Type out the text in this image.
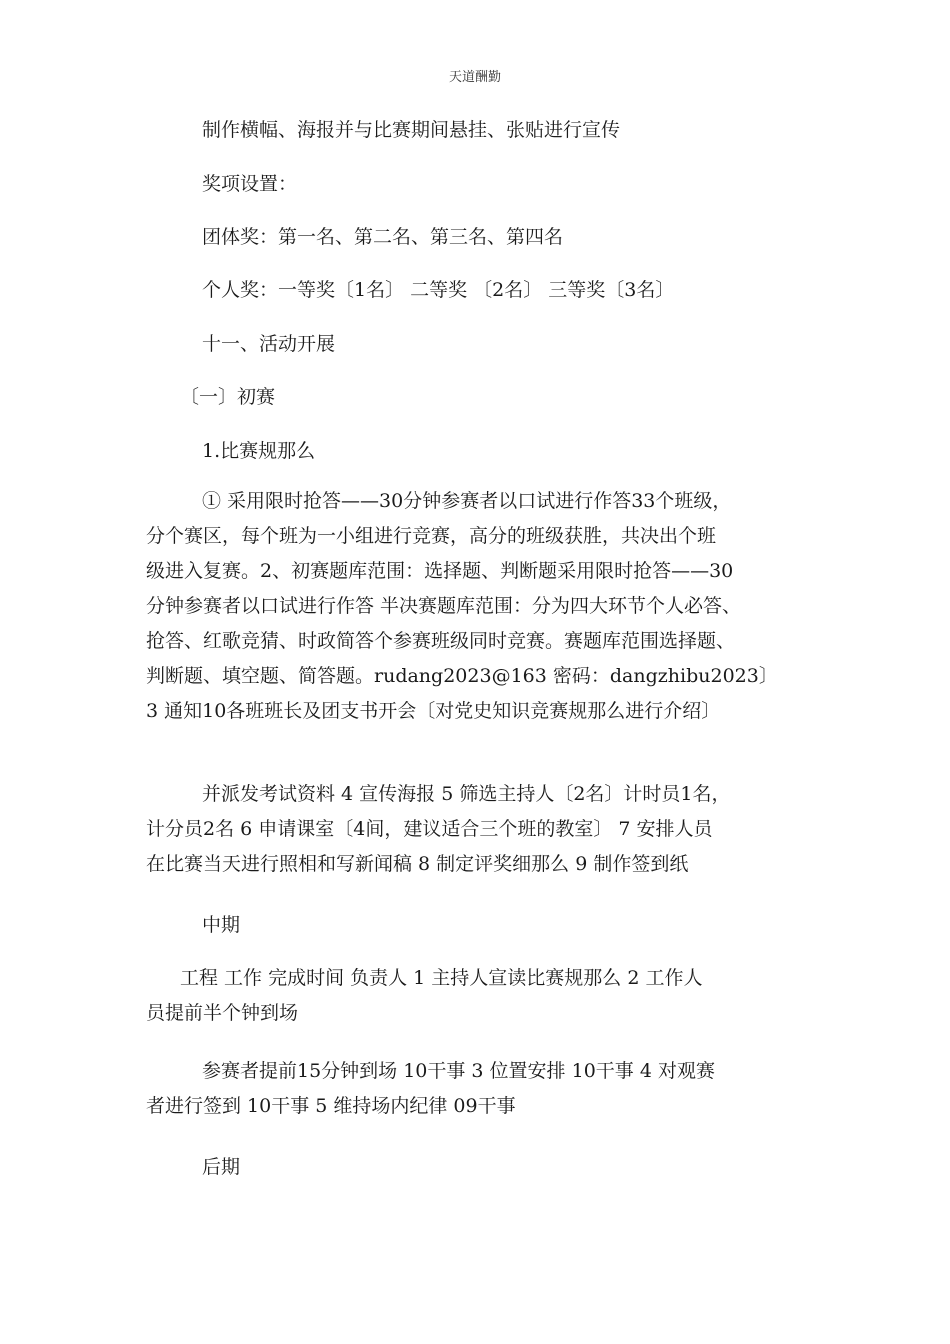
天道酬勤
制作横幅、海报并与比赛期间悬挂、张贴进行宣传
奖项设置：
团体奖：第一名、第二名、第三名、第四名
个人奖：一等奖〔1名〕 二等奖 〔2名〕 三等奖〔3名〕
十一、活动开展
〔一〕初赛
1.比赛规那么
① 采用限时抢答——30分钟参赛者以口试进行作答33个班级，
分个赛区，每个班为一小组进行竞赛，高分的班级获胜，共决出个班
级进入复赛。2、初赛题库范围：选择题、判断题采用限时抢答——30
分钟参赛者以口试进行作答 半决赛题库范围：分为四大环节个人必答、
抢答、红歌竞猜、时政简答个参赛班级同时竞赛。赛题库范围选择题、
判断题、填空题、简答题。rudang2023@163 密码：dangzhibu2023〕
3 通知10各班班长及团支书开会〔对党史知识竞赛规那么进行介绍〕
并派发考试资料 4 宣传海报 5 筛选主持人〔2名〕计时员1名，
计分员2名 6 申请课室〔4间，建议适合三个班的教室〕 7 安排人员
在比赛当天进行照相和写新闻稿 8 制定评奖细那么 9 制作签到纸
中期
工程 工作 完成时间 负责人 1 主持人宣读比赛规那么 2 工作人
员提前半个钟到场
参赛者提前15分钟到场 10干事 3 位置安排 10干事 4 对观赛
者进行签到 10干事 5 维持场内纪律 09干事
后期
